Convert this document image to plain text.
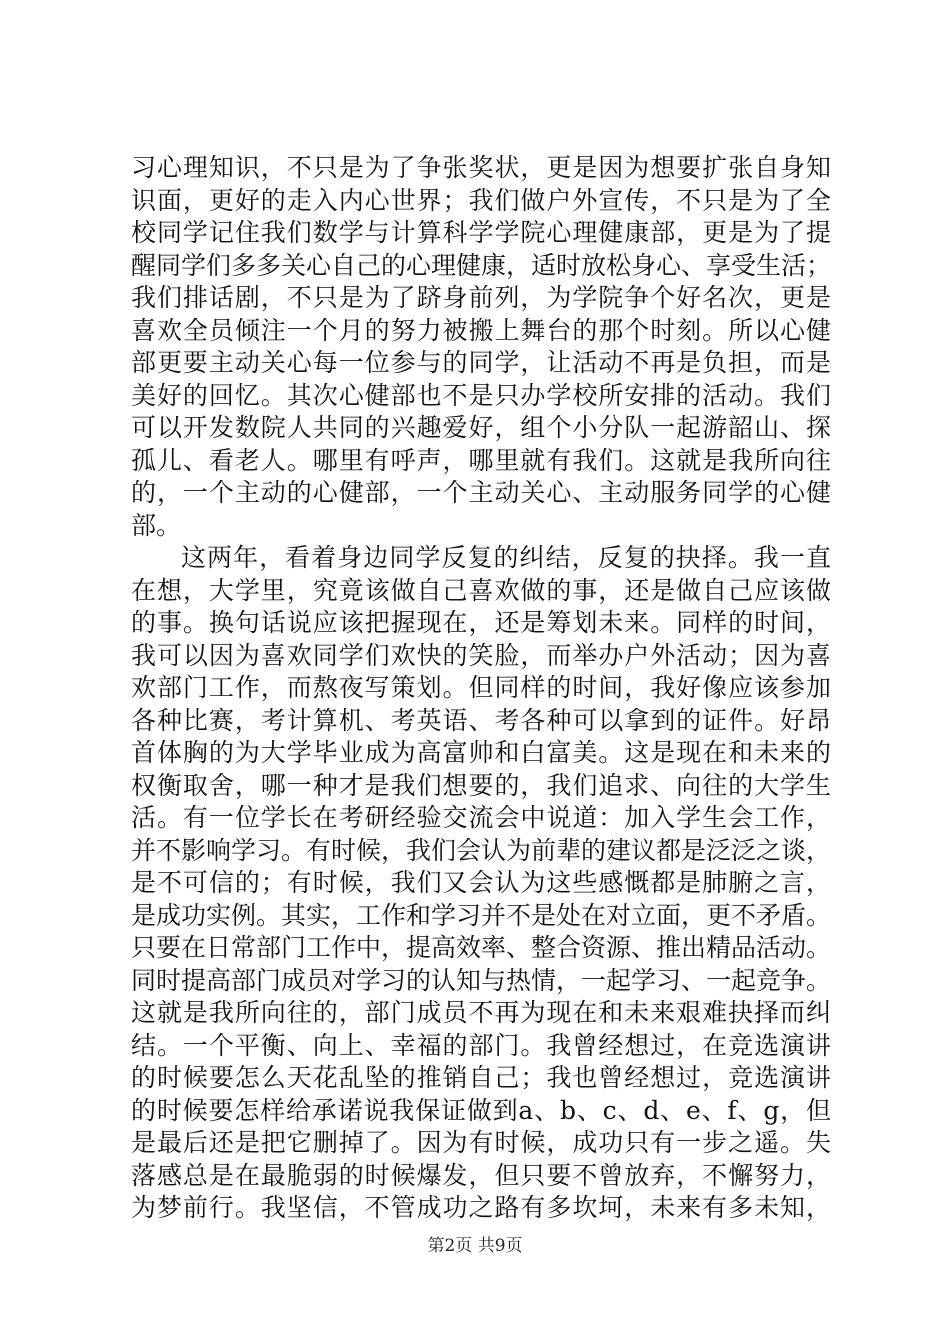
习心理知识，不只是为了争张奖状，更是因为想要扩张自身知
识面，更好的走入内心世界；我们做户外宣传，不只是为了全
校同学记住我们数学与计算科学学院心理健康部，更是为了提
醒同学们多多关心自己的心理健康，适时放松身心、享受生活；
我们排话剧，不只是为了跻身前列，为学院争个好名次，更是
喜欢全员倾注一个月的努力被搬上舞台的那个时刻。所以心健
部更要主动关心每一位参与的同学，让活动不再是负担，而是
美好的回忆。其次心健部也不是只办学校所安排的活动。我们
可以开发数院人共同的兴趣爱好，组个小分队一起游韶山、探
孤儿、看老人。哪里有呼声，哪里就有我们。这就是我所向往
的，一个主动的心健部，一个主动关心、主动服务同学的心健
部。
这两年，看着身边同学反复的纠结，反复的抉择。我一直
在想，大学里，究竟该做自己喜欢做的事，还是做自己应该做
的事。换句话说应该把握现在，还是筹划未来。同样的时间，
我可以因为喜欢同学们欢快的笑脸，而举办户外活动；因为喜
欢部门工作，而熬夜写策划。但同样的时间，我好像应该参加
各种比赛，考计算机、考英语、考各种可以拿到的证件。好昂
首体胸的为大学毕业成为高富帅和白富美。这是现在和未来的
权衡取舍，哪一种才是我们想要的，我们追求、向往的大学生
活。有一位学长在考研经验交流会中说道：加入学生会工作，
并不影响学习。有时候，我们会认为前辈的建议都是泛泛之谈，
是不可信的；有时候，我们又会认为这些感慨都是肺腑之言，
是成功实例。其实，工作和学习并不是处在对立面，更不矛盾。
只要在日常部门工作中，提高效率、整合资源、推出精品活动。
同时提高部门成员对学习的认知与热情，一起学习、一起竞争。
这就是我所向往的，部门成员不再为现在和未来艰难抉择而纠
结。一个平衡、向上、幸福的部门。我曾经想过，在竞选演讲
的时候要怎么天花乱坠的推销自己；我也曾经想过，竞选演讲
的时候要怎样给承诺说我保证做到a、b、c、d、e、f、g，但
是最后还是把它删掉了。因为有时候，成功只有一步之遥。失
落感总是在最脆弱的时候爆发，但只要不曾放弃，不懈努力，
为梦前行。我坚信，不管成功之路有多坎坷，未来有多未知，
第2页 共9页
